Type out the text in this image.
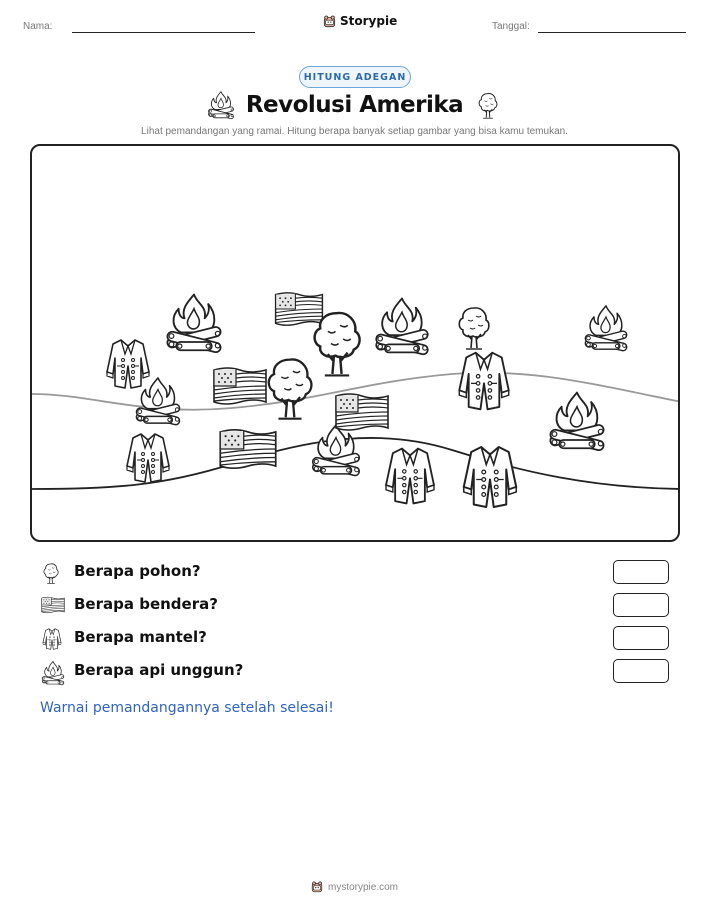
Nama:	Storypie	Tanggal:
HITUNG ADEGAN
Revolusi Amerika
Lihat pemandangan yang ramai. Hitung berapa banyak setiap gambar yang bisa kamu temukan.
Berapa pohon?
Berapa bendera?
Berapa mantel?
Berapa api unggun?
Warnai pemandangannya setelah selesai!
mystorypie.com
